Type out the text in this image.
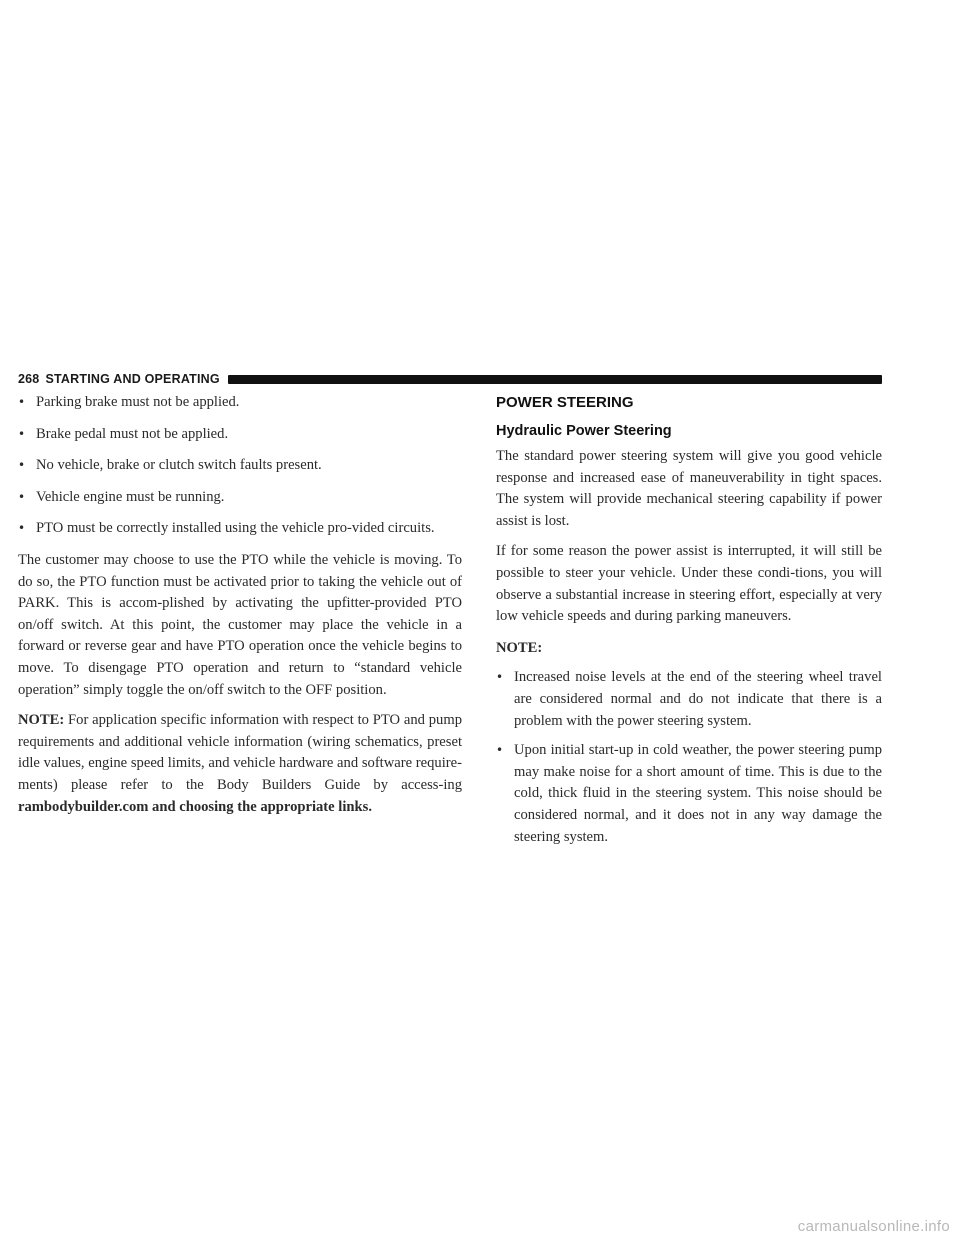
268 STARTING AND OPERATING
• Parking brake must not be applied.
• Brake pedal must not be applied.
• No vehicle, brake or clutch switch faults present.
• Vehicle engine must be running.
• PTO must be correctly installed using the vehicle pro-vided circuits.

The customer may choose to use the PTO while the vehicle is moving. To do so, the PTO function must be activated prior to taking the vehicle out of PARK. This is accom-plished by activating the upfitter-provided PTO on/off switch. At this point, the customer may place the vehicle in a forward or reverse gear and have PTO operation once the vehicle begins to move. To disengage PTO operation and return to “standard vehicle operation” simply toggle the on/off switch to the OFF position.

NOTE: For application specific information with respect to PTO and pump requirements and additional vehicle information (wiring schematics, preset idle values, engine speed limits, and vehicle hardware and software require-ments) please refer to the Body Builders Guide by access-ing rambodybuilder.com and choosing the appropriate links.

POWER STEERING
Hydraulic Power Steering

The standard power steering system will give you good vehicle response and increased ease of maneuverability in tight spaces. The system will provide mechanical steering capability if power assist is lost.

If for some reason the power assist is interrupted, it will still be possible to steer your vehicle. Under these condi-tions, you will observe a substantial increase in steering effort, especially at very low vehicle speeds and during parking maneuvers.

NOTE:
• Increased noise levels at the end of the steering wheel travel are considered normal and do not indicate that there is a problem with the power steering system.
• Upon initial start-up in cold weather, the power steering pump may make noise for a short amount of time. This is due to the cold, thick fluid in the steering system. This noise should be considered normal, and it does not in any way damage the steering system.
carmanualsonline.info
